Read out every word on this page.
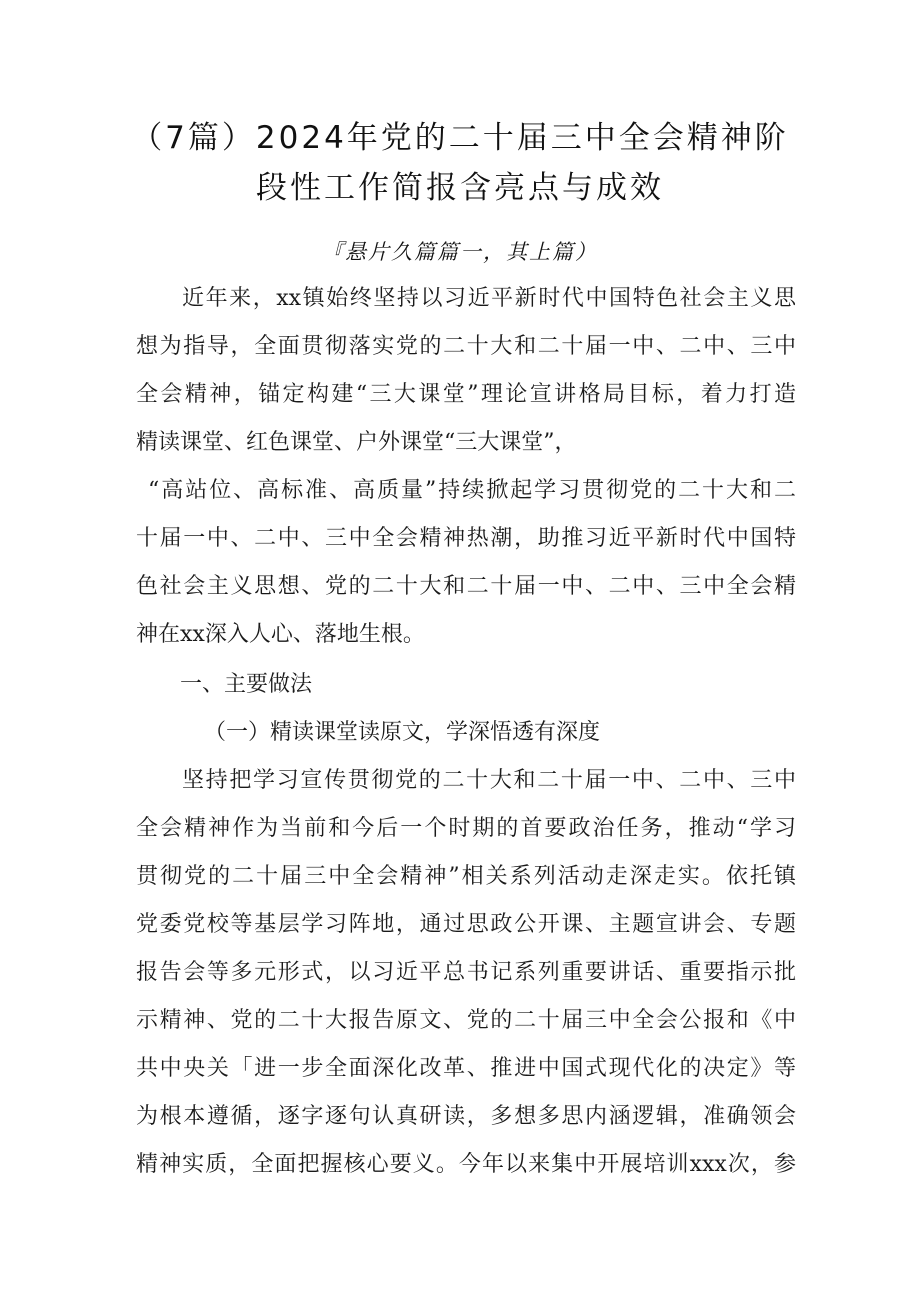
（7篇）2024年党的二十届三中全会精神阶
段性工作简报含亮点与成效
『悬片久篇篇一，其上篇）
近年来，xx镇始终坚持以习近平新时代中国特色社会主义思
想为指导，全面贯彻落实党的二十大和二十届一中、二中、三中
全会精神，锚定构建“三大课堂”理论宣讲格局目标，着力打造
精读课堂、红色课堂、户外课堂“三大课堂”，
“高站位、高标准、高质量”持续掀起学习贯彻党的二十大和二
十届一中、二中、三中全会精神热潮，助推习近平新时代中国特
色社会主义思想、党的二十大和二十届一中、二中、三中全会精
神在xx深入人心、落地生根。
一、主要做法
（一）精读课堂读原文，学深悟透有深度
坚持把学习宣传贯彻党的二十大和二十届一中、二中、三中
全会精神作为当前和今后一个时期的首要政治任务，推动“学习
贯彻党的二十届三中全会精神”相关系列活动走深走实。依托镇
党委党校等基层学习阵地，通过思政公开课、主题宣讲会、专题
报告会等多元形式，以习近平总书记系列重要讲话、重要指示批
示精神、党的二十大报告原文、党的二十届三中全会公报和《中
共中央关「进一步全面深化改革、推进中国式现代化的决定》等
为根本遵循，逐字逐句认真研读，多想多思内涵逻辑，准确领会
精神实质，全面把握核心要义。今年以来集中开展培训xxx次，参
